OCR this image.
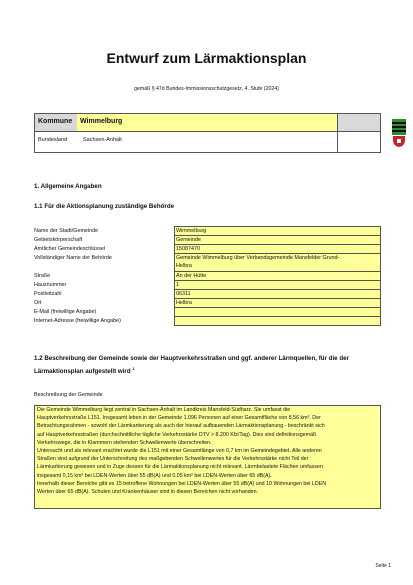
Entwurf zum Lärmaktionsplan
gemäß § 47d Bundes-Immissionsschutzgesetz, 4. Stufe (2024)
Kommune Wimmelburg
Bundesland	Sachsen-Anhalt
1. Allgemeine Angaben
1.1 Für die Aktionsplanung zuständige Behörde
Name der Stadt/Gemeinde	Wimmelburg
Gebietskörperschaft	Gemeinde
Amtlicher Gemeindeschlüssel	15087470
Vollständiger Name der Behörde	Gemeinde Wimmelburg über Verbandsgemeinde Mansfelder Grund-
Helbra
Straße	An der Hütte
Hausnummer	1
Postleitzahl	06311
Ort	Helbra
E-Mail (freiwillige Angabe)
Internet-Adresse (freiwillige Angabe)
1.2 Beschreibung der Gemeinde sowie der Hauptverkehrsstraßen und ggf. anderer Lärmquellen, für die der
Lärmaktionsplan aufgestellt wird $^1$
Beschreibung der Gemeinde

Die Gemeinde Wimmelburg liegt zentral in Sachsen-Anhalt im Landkreis Mansfeld-Südharz. Sie umfasst die

Hauptverkehrsstraße L151. Insgesamt leben in der Gemeinde 1.096 Personen auf einer Gesamtfläche von 8,56 km². Der

Betrachtungsrahmen - sowohl der Lärmkartierung als auch der hierauf aufbauenden Lärmaktionsplanung - beschränkt sich

auf Hauptverkehrsstraßen (durchschnittliche tägliche Verkehrsstärke DTV > 8.200 Kfz/Tag). Dies sind definitionsgemäß

Verkehrswege, die in Klammern stehenden Schwellenwerte überschreiten.

Untersucht und als relevant erachtet wurde die L151 mit einer Gesamtlänge von 0,7 km im Gemeindegebiet. Alle anderen

Straßen sind aufgrund der Unterschreitung des maßgebenden Schwellenwertes für die Verkehrsstärke nicht Teil der

Lärmkartierung gewesen und in Zuge dessen für die Lärmaktionsplanung nicht relevant. Lärmbelastete Flächen umfassen

insgesamt 0,15 km² bei LDEN-Werten über 55 dB(A) und 0,05 km² bei LDEN-Werten über 65 dB(A).

Innerhalb dieser Bereiche gibt es 15 betroffene Wohnungen bei LDEN-Werten über 55 dB(A) und 10 Wohnungen bei LDEN

Werten über 65 dB(A). Schulen und Krankenhäuser sind in diesen Bereichen nicht vorhanden.

Seite 1
